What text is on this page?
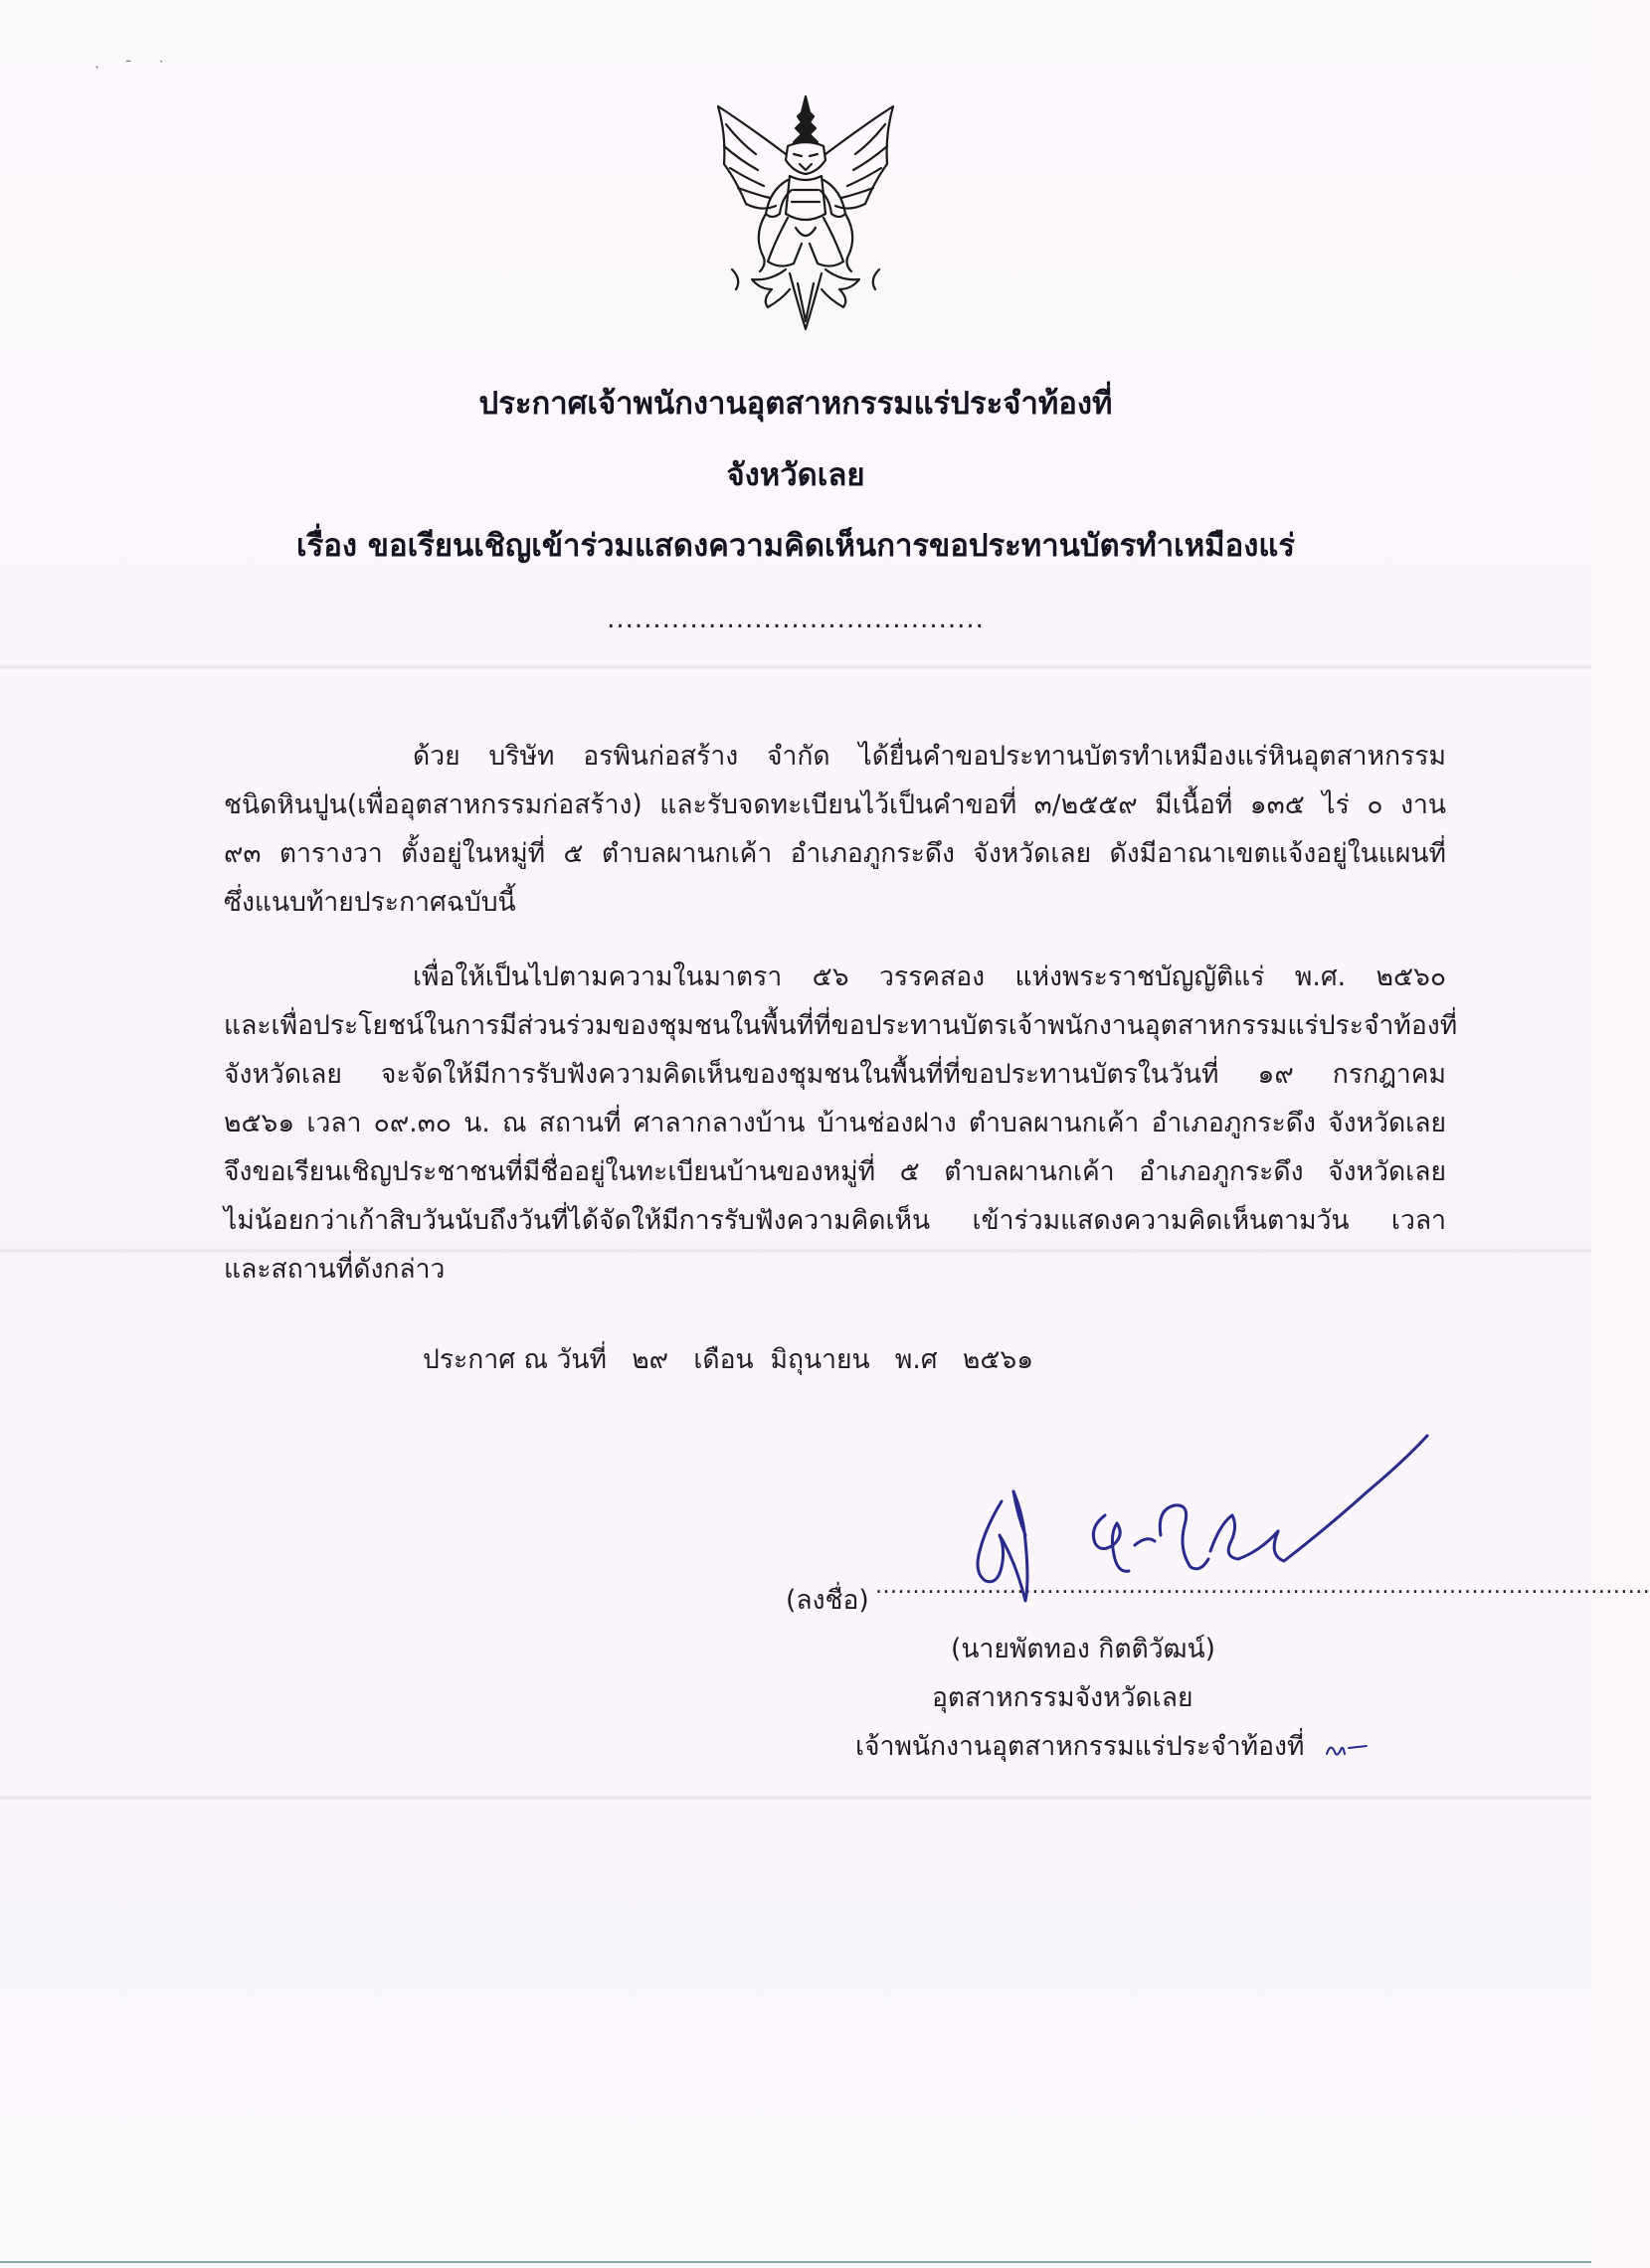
· ˉ ˙
ประกาศเจ้าพนักงานอุตสาหกรรมแร่ประจำท้องที่
จังหวัดเลย
เรื่อง ขอเรียนเชิญเข้าร่วมแสดงความคิดเห็นการขอประทานบัตรทำเหมืองแร่
.........................................
ด้วย บริษัท อรพินก่อสร้าง จำกัด ได้ยื่นคำขอประทานบัตรทำเหมืองแร่หินอุตสาหกรรม
ชนิดหินปูน(เพื่ออุตสาหกรรมก่อสร้าง) และรับจดทะเบียนไว้เป็นคำขอที่ ๓/๒๕๕๙ มีเนื้อที่ ๑๓๕ ไร่ ๐ งาน
๙๓ ตารางวา ตั้งอยู่ในหมู่ที่ ๕ ตำบลผานกเค้า อำเภอภูกระดึง จังหวัดเลย ดังมีอาณาเขตแจ้งอยู่ในแผนที่
ซึ่งแนบท้ายประกาศฉบับนี้
เพื่อให้เป็นไปตามความในมาตรา ๕๖ วรรคสอง แห่งพระราชบัญญัติแร่ พ.ศ. ๒๕๖๐
และเพื่อประโยชน์ในการมีส่วนร่วมของชุมชนในพื้นที่ที่ขอประทานบัตรเจ้าพนักงานอุตสาหกรรมแร่ประจำท้องที่
จังหวัดเลย จะจัดให้มีการรับฟังความคิดเห็นของชุมชนในพื้นที่ที่ขอประทานบัตรในวันที่ ๑๙ กรกฎาคม
๒๕๖๑ เวลา ๐๙.๓๐ น. ณ สถานที่ ศาลากลางบ้าน บ้านช่องฝาง ตำบลผานกเค้า อำเภอภูกระดึง จังหวัดเลย
จึงขอเรียนเชิญประชาชนที่มีชื่ออยู่ในทะเบียนบ้านของหมู่ที่ ๕ ตำบลผานกเค้า อำเภอภูกระดึง จังหวัดเลย
ไม่น้อยกว่าเก้าสิบวันนับถึงวันที่ได้จัดให้มีการรับฟังความคิดเห็น เข้าร่วมแสดงความคิดเห็นตามวัน เวลา
และสถานที่ดังกล่าว
ประกาศ ณ วันที่   ๒๙   เดือน  มิถุนายน   พ.ศ   ๒๕๖๑
(ลงชื่อ) ........................................................................................................
(นายพัตทอง กิตติวัฒน์)
อุตสาหกรรมจังหวัดเลย
เจ้าพนักงานอุตสาหกรรมแร่ประจำท้องที่
